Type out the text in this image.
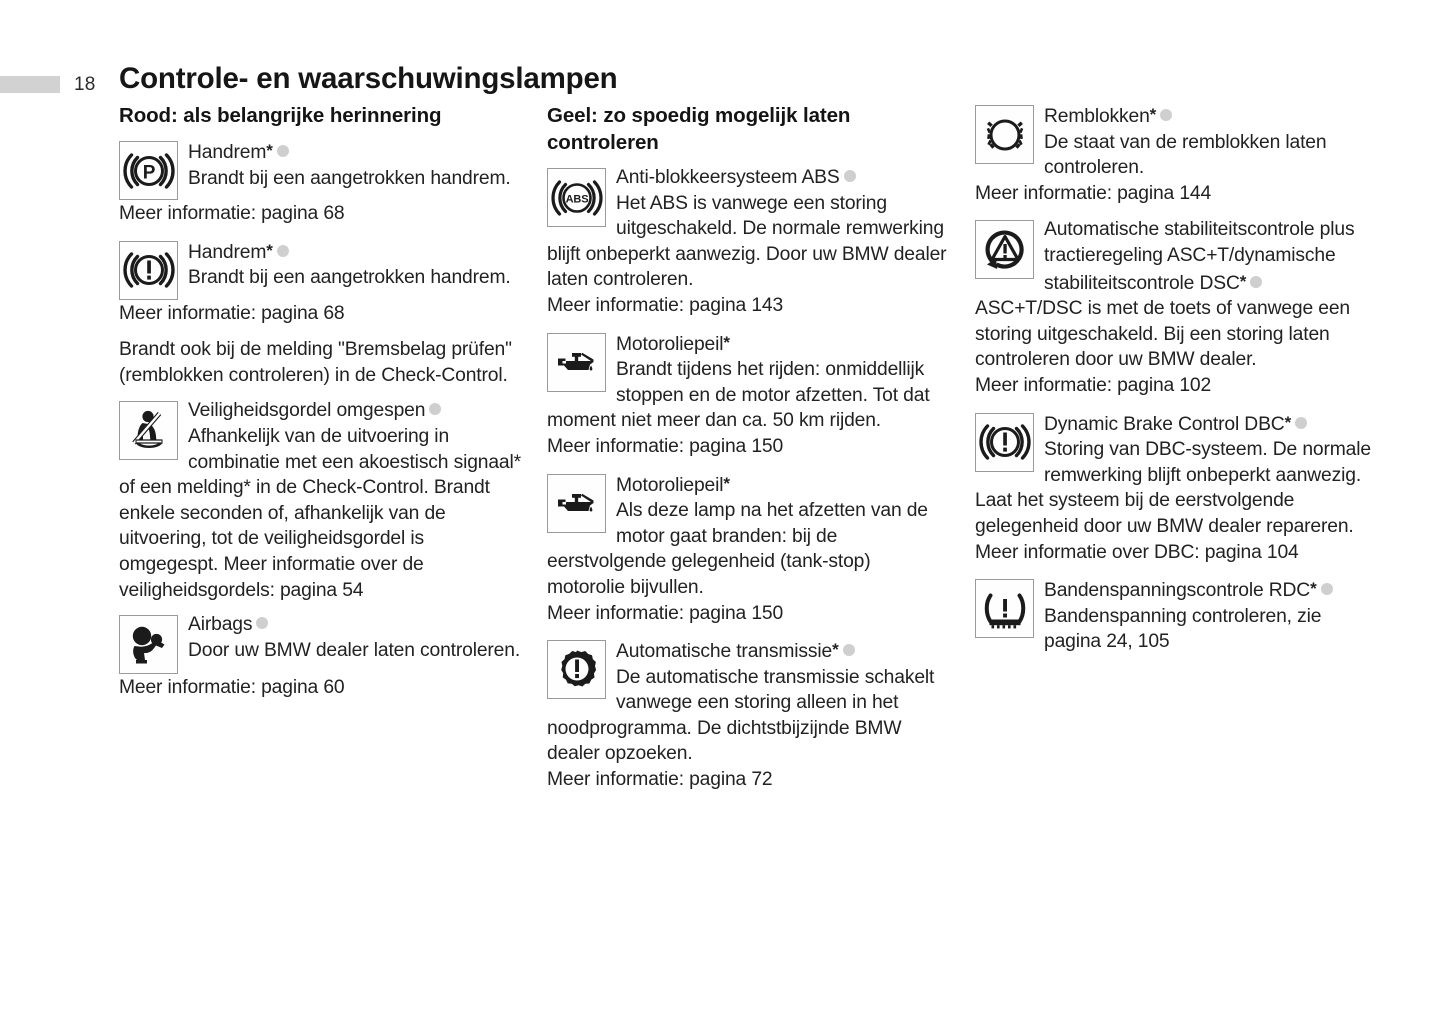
18 Controle- en waarschuwingslampen
Rood: als belangrijke herinnering
Handrem*
Brandt bij een aangetrokken handrem.
Meer informatie: pagina 68
Handrem*
Brandt bij een aangetrokken handrem.
Meer informatie: pagina 68
Brandt ook bij de melding "Bremsbelag prüfen" (remblokken controleren) in de Check-Control.
Veiligheidsgordel omgespen
Afhankelijk van de uitvoering in combinatie met een akoestisch signaal* of een melding* in de Check-Control. Brandt enkele seconden of, afhankelijk van de uitvoering, tot de veiligheidsgordel is omgegespt. Meer informatie over de veiligheidsgordels: pagina 54
Airbags
Door uw BMW dealer laten controleren.
Meer informatie: pagina 60
Geel: zo spoedig mogelijk laten controleren
Anti-blokkeersysteem ABS
Het ABS is vanwege een storing uitgeschakeld. De normale remwerking blijft onbeperkt aanwezig. Door uw BMW dealer laten controleren.
Meer informatie: pagina 143
Motoroliepeil*
Brandt tijdens het rijden: onmiddellijk stoppen en de motor afzetten. Tot dat moment niet meer dan ca. 50 km rijden.
Meer informatie: pagina 150
Motoroliepeil*
Als deze lamp na het afzetten van de motor gaat branden: bij de eerstvolgende gelegenheid (tank-stop) motorolie bijvullen.
Meer informatie: pagina 150
Automatische transmissie*
De automatische transmissie schakelt vanwege een storing alleen in het noodprogramma. De dichtstbijzijnde BMW dealer opzoeken.
Meer informatie: pagina 72
Remblokken*
De staat van de remblokken laten controleren.
Meer informatie: pagina 144
Automatische stabiliteitscontrole plus tractieregeling ASC+T/dynamische stabiliteitscontrole DSC*
ASC+T/DSC is met de toets of vanwege een storing uitgeschakeld. Bij een storing laten controleren door uw BMW dealer.
Meer informatie: pagina 102
Dynamic Brake Control DBC*
Storing van DBC-systeem. De normale remwerking blijft onbeperkt aanwezig. Laat het systeem bij de eerstvolgende gelegenheid door uw BMW dealer repareren.
Meer informatie over DBC: pagina 104
Bandenspanningscontrole RDC*
Bandenspanning controleren, zie pagina 24, 105
